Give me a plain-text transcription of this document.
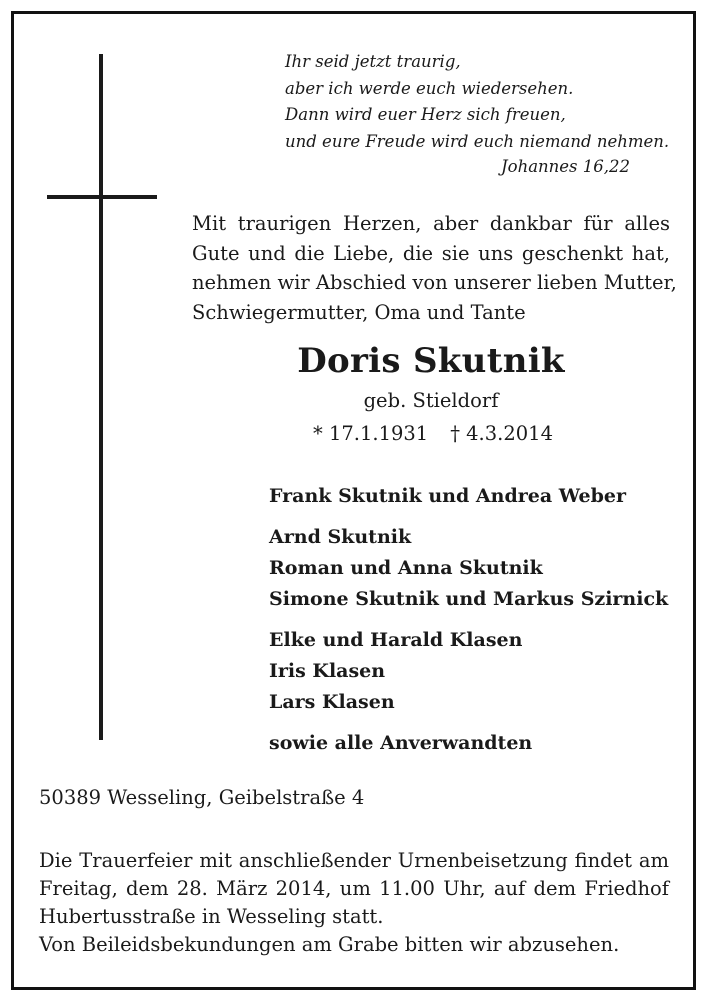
Ihr seid jetzt traurig,
aber ich werde euch wiedersehen.
Dann wird euer Herz sich freuen,
und eure Freude wird euch niemand nehmen.
Johannes 16,22
Mit traurigen Herzen, aber dankbar für alles
Gute und die Liebe, die sie uns geschenkt hat,
nehmen wir Abschied von unserer lieben Mutter,
Schwiegermutter, Oma und Tante
Doris Skutnik
geb. Stieldorf
* 17.1.1931 † 4.3.2014
Frank Skutnik und Andrea Weber
Arnd Skutnik
Roman und Anna Skutnik
Simone Skutnik und Markus Szirnick
Elke und Harald Klasen
Iris Klasen
Lars Klasen
sowie alle Anverwandten
50389 Wesseling, Geibelstraße 4
Die Trauerfeier mit anschließender Urnenbeisetzung findet am
Freitag, dem 28. März 2014, um 11.00 Uhr, auf dem Friedhof
Hubertusstraße in Wesseling statt.
Von Beileidsbekundungen am Grabe bitten wir abzusehen.
